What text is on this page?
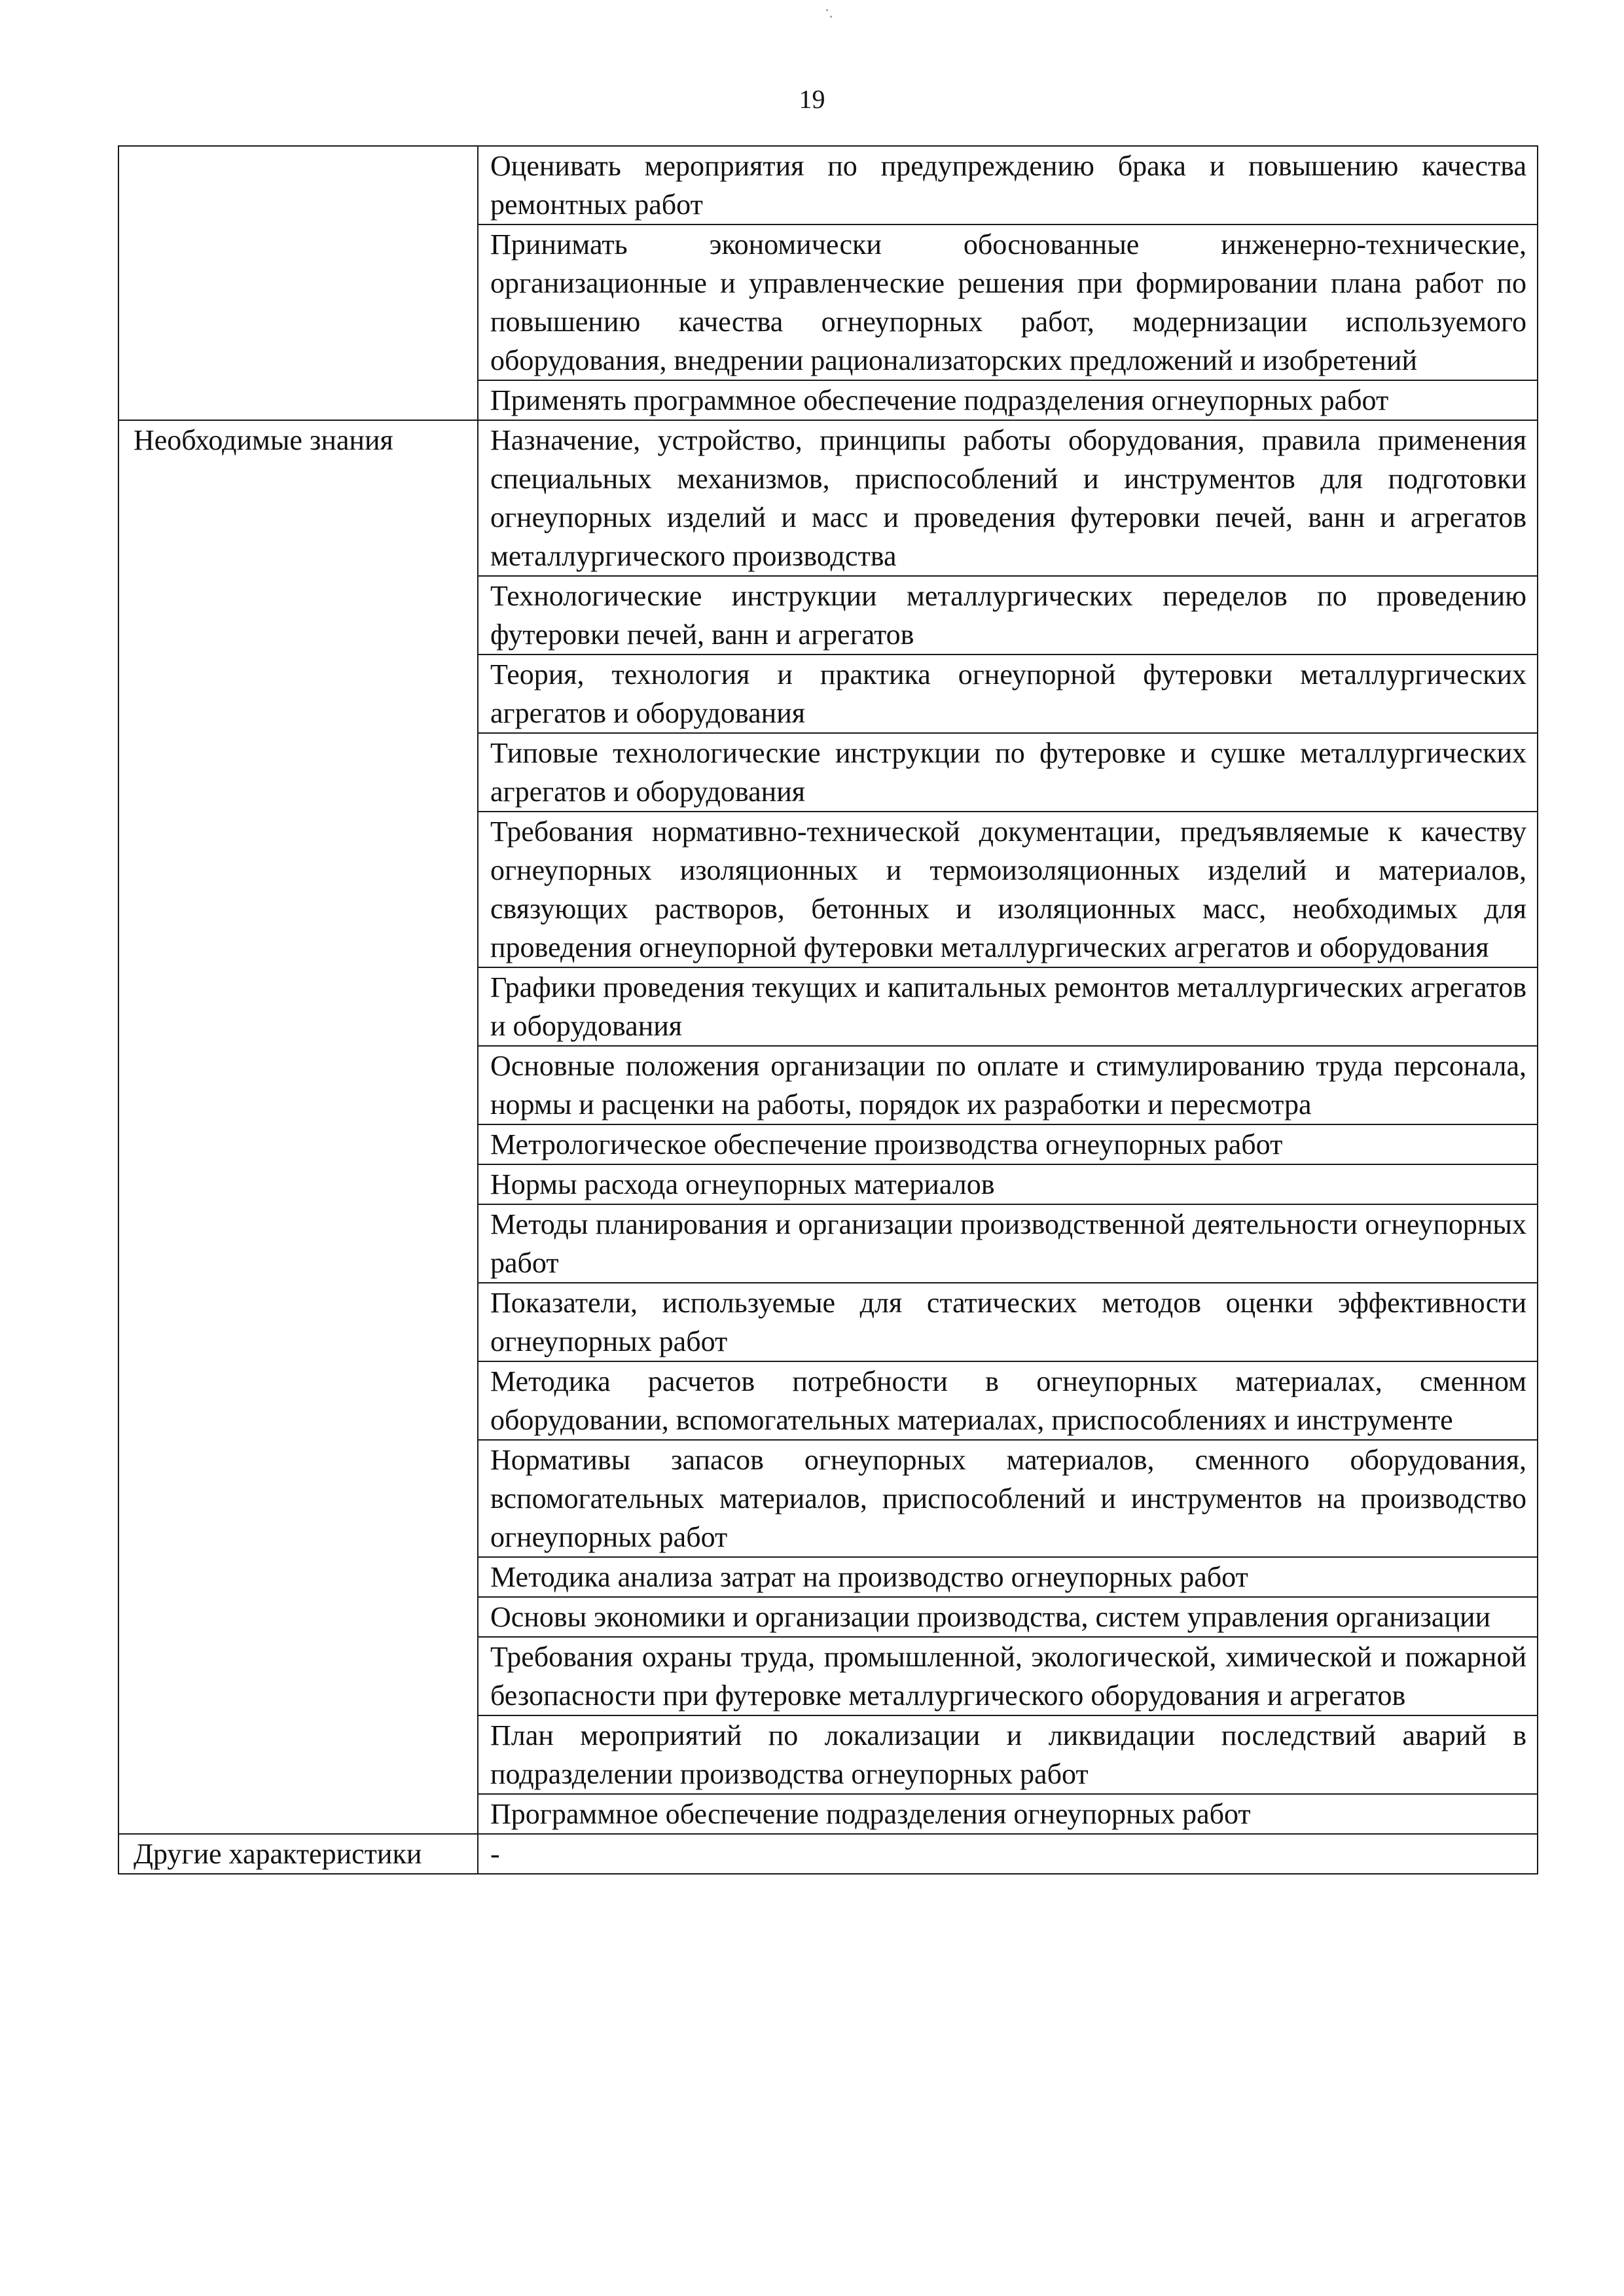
19
	Оценивать мероприятия по предупреждению брака и повышению качества ремонтных работ
	Принимать экономически обоснованные инженерно-технические, организационные и управленческие решения при формировании плана работ по повышению качества огнеупорных работ, модернизации используемого оборудования, внедрении рационализаторских предложений и изобретений
	Применять программное обеспечение подразделения огнеупорных работ
Необходимые знания	Назначение, устройство, принципы работы оборудования, правила применения специальных механизмов, приспособлений и инструментов для подготовки огнеупорных изделий и масс и проведения футеровки печей, ванн и агрегатов металлургического производства
	Технологические инструкции металлургических переделов по проведению футеровки печей, ванн и агрегатов
	Теория, технология и практика огнеупорной футеровки металлургических агрегатов и оборудования
	Типовые технологические инструкции по футеровке и сушке металлургических агрегатов и оборудования
	Требования нормативно-технической документации, предъявляемые к качеству огнеупорных изоляционных и термоизоляционных изделий и материалов, связующих растворов, бетонных и изоляционных масс, необходимых для проведения огнеупорной футеровки металлургических агрегатов и оборудования
	Графики проведения текущих и капитальных ремонтов металлургических агрегатов и оборудования
	Основные положения организации по оплате и стимулированию труда персонала, нормы и расценки на работы, порядок их разработки и пересмотра
	Метрологическое обеспечение производства огнеупорных работ
	Нормы расхода огнеупорных материалов
	Методы планирования и организации производственной деятельности огнеупорных работ
	Показатели, используемые для статических методов оценки эффективности огнеупорных работ
	Методика расчетов потребности в огнеупорных материалах, сменном оборудовании, вспомогательных материалах, приспособлениях и инструменте
	Нормативы запасов огнеупорных материалов, сменного оборудования, вспомогательных материалов, приспособлений и инструментов на производство огнеупорных работ
	Методика анализа затрат на производство огнеупорных работ
	Основы экономики и организации производства, систем управления организации
	Требования охраны труда, промышленной, экологической, химической и пожарной безопасности при футеровке металлургического оборудования и агрегатов
	План мероприятий по локализации и ликвидации последствий аварий в подразделении производства огнеупорных работ
	Программное обеспечение подразделения огнеупорных работ
Другие характеристики	-
